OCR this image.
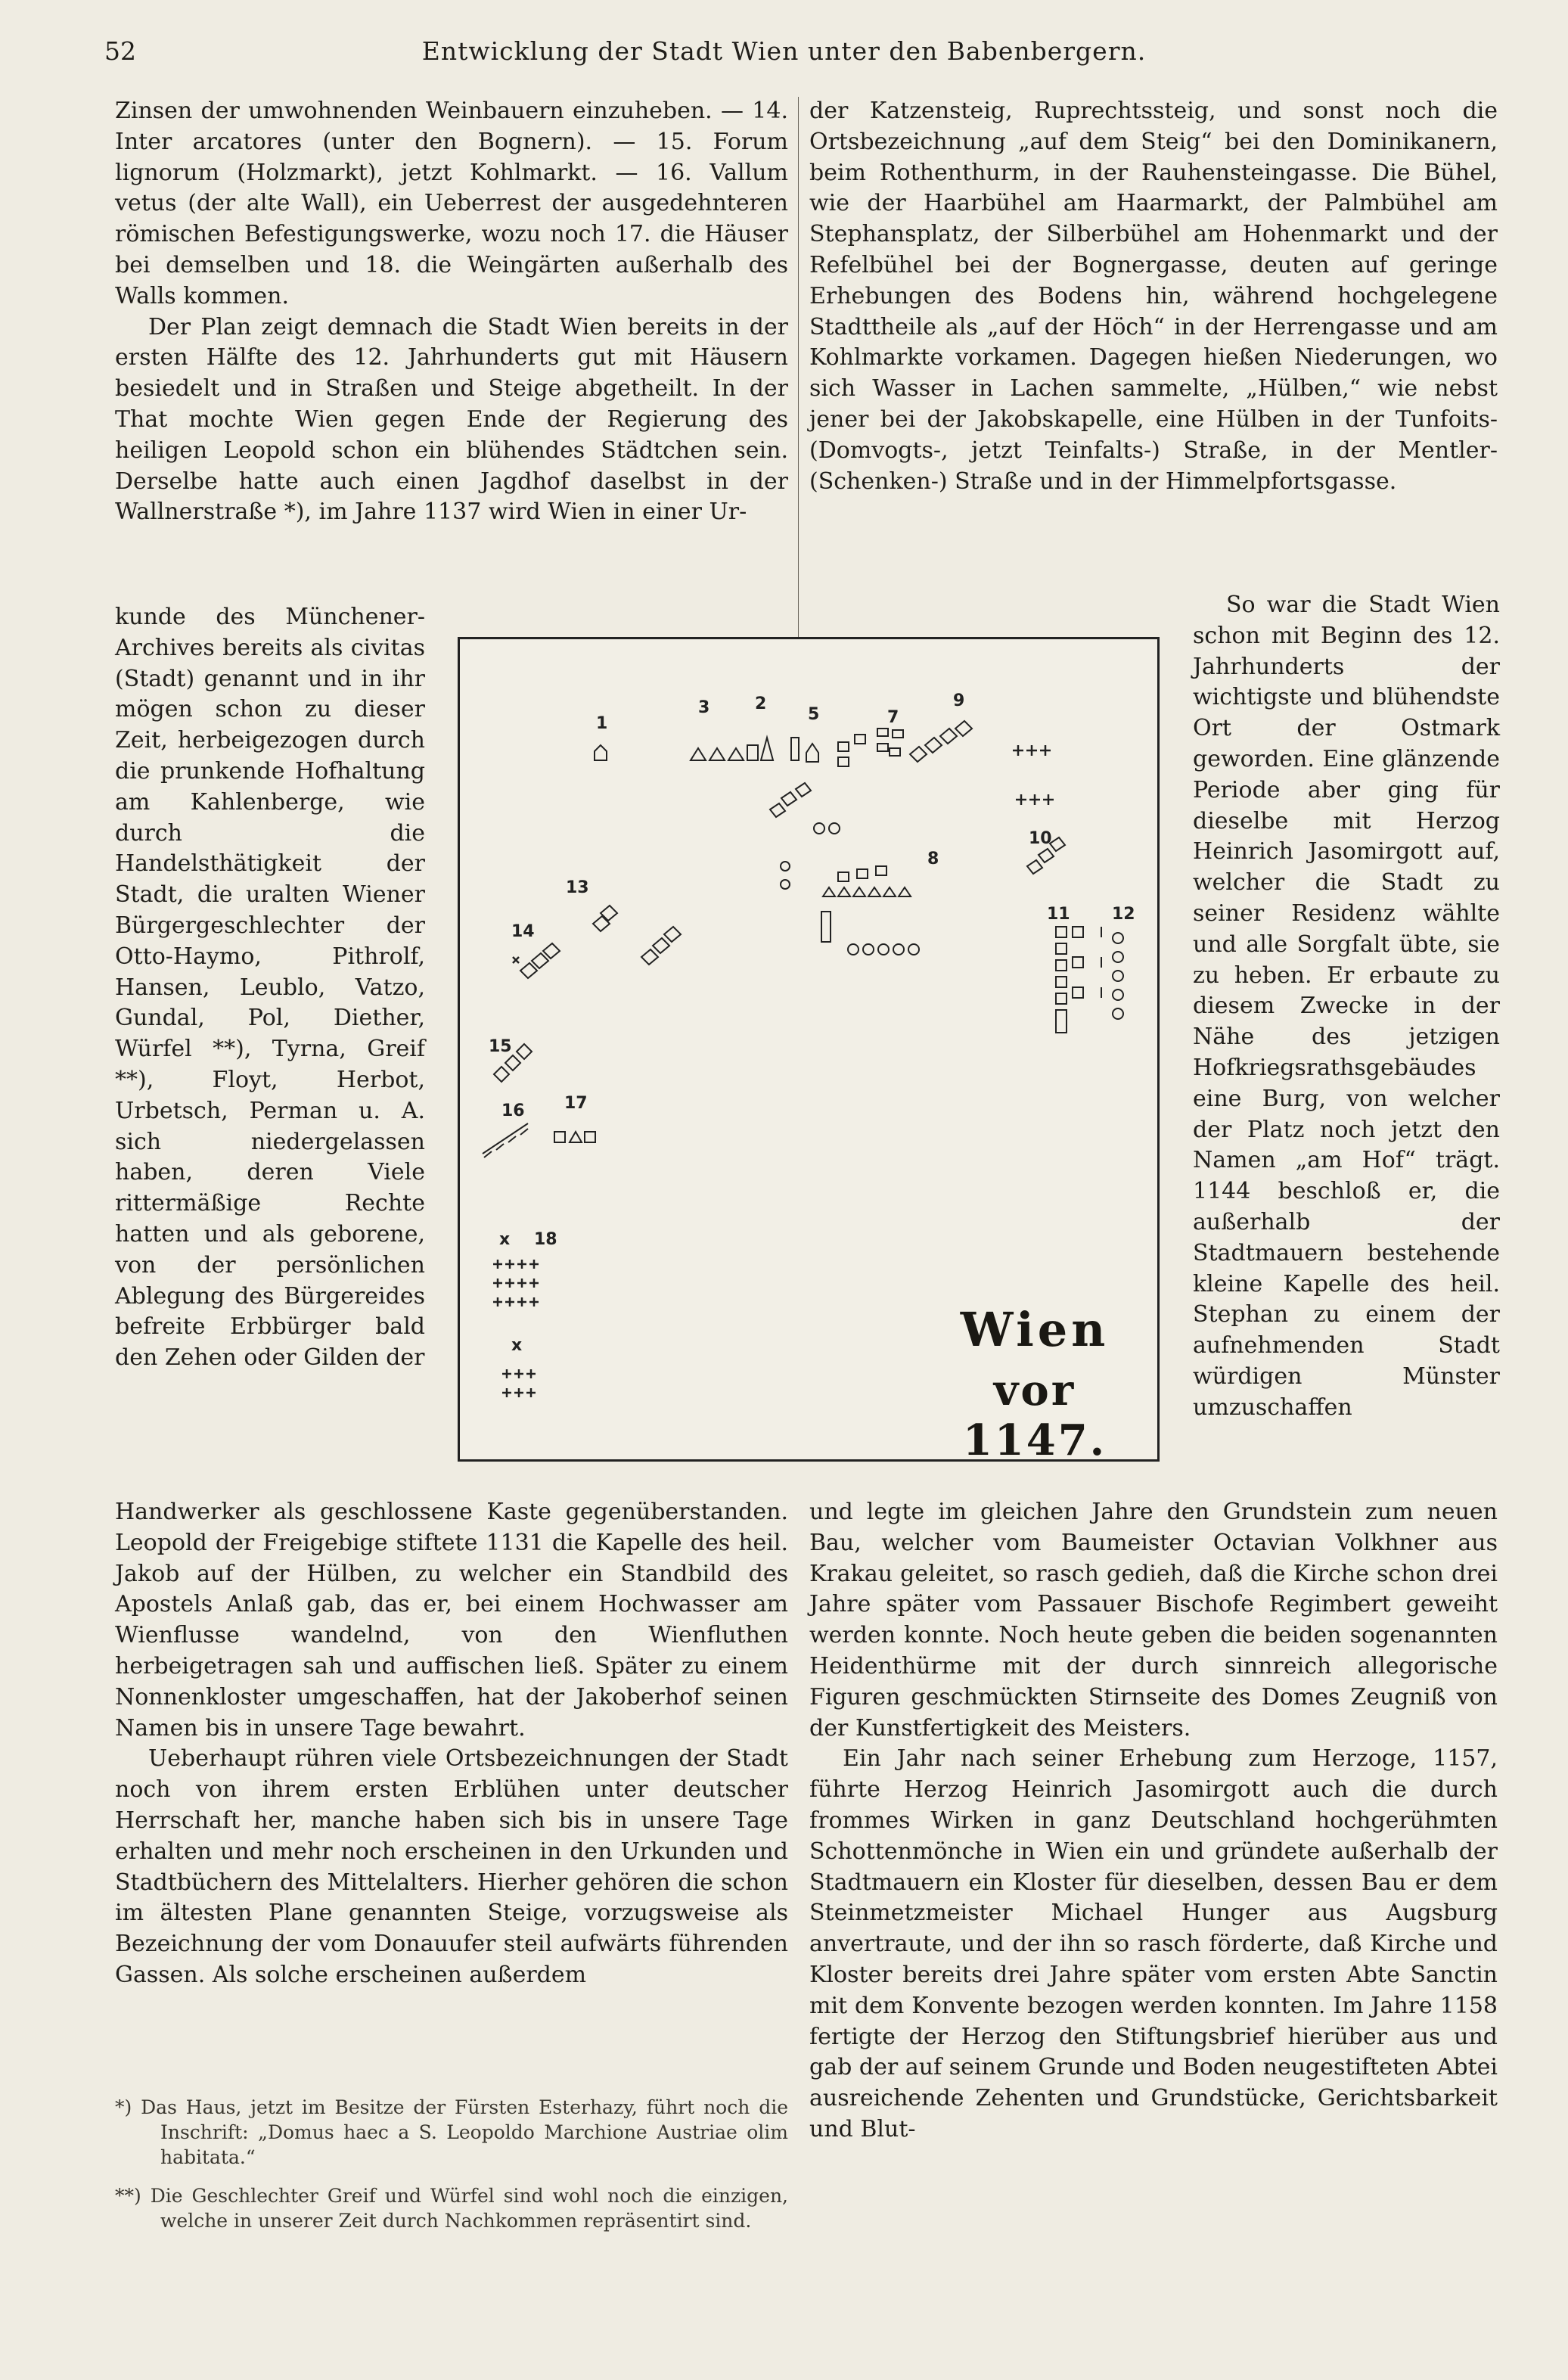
52	Entwicklung der Stadt Wien unter den Babenbergern.

Zinsen der umwohnenden Weinbauern einzuheben. — 14. Inter arcatores (unter den Bognern). — 15. Forum lignorum (Holzmarkt), jetzt Kohlmarkt. — 16. Vallum vetus (der alte Wall), ein Ueberrest der ausgedehnteren römischen Befestigungswerke, wozu noch 17. die Häuser bei demselben und 18. die Weingärten außerhalb des Walls kommen.

Der Plan zeigt demnach die Stadt Wien bereits in der ersten Hälfte des 12. Jahrhunderts gut mit Häusern besiedelt und in Straßen und Steige abgetheilt. In der That mochte Wien gegen Ende der Regierung des heiligen Leopold schon ein blühendes Städtchen sein. Derselbe hatte auch einen Jagdhof daselbst in der Wallnerstraße *), im Jahre 1137 wird Wien in einer Ur-

kunde des Münchener-Archives bereits als civitas (Stadt) genannt und in ihr mögen schon zu dieser Zeit, herbeigezogen durch die prunkende Hofhaltung am Kahlenberge, wie durch die Handelsthätigkeit der Stadt, die uralten Wiener Bürgergeschlechter der Otto-Haymo, Pithrolf, Hansen, Leublo, Vatzo, Gundal, Pol, Diether, Würfel **), Tyrna, Greif **), Floyt, Herbot, Urbetsch, Perman u. A. sich niedergelassen haben, deren Viele rittermäßige Rechte hatten und als geborene, von der persönlichen Ablegung des Bürgereides befreite Erbbürger bald den Zehen oder Gilden der

Handwerker als geschlossene Kaste gegenüberstanden. Leopold der Freigebige stiftete 1131 die Kapelle des heil. Jakob auf der Hülben, zu welcher ein Standbild des Apostels Anlaß gab, das er, bei einem Hochwasser am Wienflusse wandelnd, von den Wienfluthen herbeigetragen sah und auffischen ließ. Später zu einem Nonnenkloster umgeschaffen, hat der Jakoberhof seinen Namen bis in unsere Tage bewahrt.

Ueberhaupt rühren viele Ortsbezeichnungen der Stadt noch von ihrem ersten Erblühen unter deutscher Herrschaft her, manche haben sich bis in unsere Tage erhalten und mehr noch erscheinen in den Urkunden und Stadtbüchern des Mittelalters. Hierher gehören die schon im ältesten Plane genannten Steige, vorzugsweise als Bezeichnung der vom Donauufer steil aufwärts führenden Gassen. Als solche erscheinen außerdem

der Katzensteig, Ruprechtssteig, und sonst noch die Ortsbezeichnung „auf dem Steig“ bei den Dominikanern, beim Rothenthurm, in der Rauhensteingasse. Die Bühel, wie der Haarbühel am Haarmarkt, der Palmbühel am Stephansplatz, der Silberbühel am Hohenmarkt und der Refelbühel bei der Bognergasse, deuten auf geringe Erhebungen des Bodens hin, während hochgelegene Stadttheile als „auf der Höch“ in der Herrengasse und am Kohlmarkte vorkamen. Dagegen hießen Niederungen, wo sich Wasser in Lachen sammelte, „Hülben,“ wie nebst jener bei der Jakobskapelle, eine Hülben in der Tunfoits- (Domvogts-, jetzt Teinfalts-) Straße, in der Mentler- (Schenken-) Straße und in der Himmelpfortsgasse.

So war die Stadt Wien schon mit Beginn des 12. Jahrhunderts der wichtigste und blühendste Ort der Ostmark geworden. Eine glänzende Periode aber ging für dieselbe mit Herzog Heinrich Jasomirgott auf, welcher die Stadt zu seiner Residenz wählte und alle Sorgfalt übte, sie zu heben. Er erbaute zu diesem Zwecke in der Nähe des jetzigen Hofkriegsrathsgebäudes eine Burg, von welcher der Platz noch jetzt den Namen „am Hof“ trägt. 1144 beschloß er, die außerhalb der Stadtmauern bestehende kleine Kapelle des heil. Stephan zu einem der aufnehmenden Stadt würdigen Münster umzuschaffen

und legte im gleichen Jahre den Grundstein zum neuen Bau, welcher vom Baumeister Octavian Volkhner aus Krakau geleitet, so rasch gedieh, daß die Kirche schon drei Jahre später vom Passauer Bischofe Regimbert geweiht werden konnte. Noch heute geben die beiden sogenannten Heidenthürme mit der durch sinnreich allegorische Figuren geschmückten Stirnseite des Domes Zeugniß von der Kunstfertigkeit des Meisters.

Ein Jahr nach seiner Erhebung zum Herzoge, 1157, führte Herzog Heinrich Jasomirgott auch die durch frommes Wirken in ganz Deutschland hochgerühmten Schottenmönche in Wien ein und gründete außerhalb der Stadtmauern ein Kloster für dieselben, dessen Bau er dem Steinmetzmeister Michael Hunger aus Augsburg anvertraute, und der ihn so rasch förderte, daß Kirche und Kloster bereits drei Jahre später vom ersten Abte Sanctin mit dem Konvente bezogen werden konnten. Im Jahre 1158 fertigte der Herzog den Stiftungsbrief hierüber aus und gab der auf seinem Grunde und Boden neugestifteten Abtei ausreichende Zehenten und Grundstücke, Gerichtsbarkeit und Blut-

*) Das Haus, jetzt im Besitze der Fürsten Esterhazy, führt noch die Inschrift: „Domus haec a S. Leopoldo Marchione Austriae olim habitata.“

**) Die Geschlechter Greif und Würfel sind wohl noch die einzigen, welche in unserer Zeit durch Nachkommen repräsentirt sind.

1
2
3	5	7
8
9
10
11	12
13
14
15
16 17
18
x
x	Wien
vor 1147.
